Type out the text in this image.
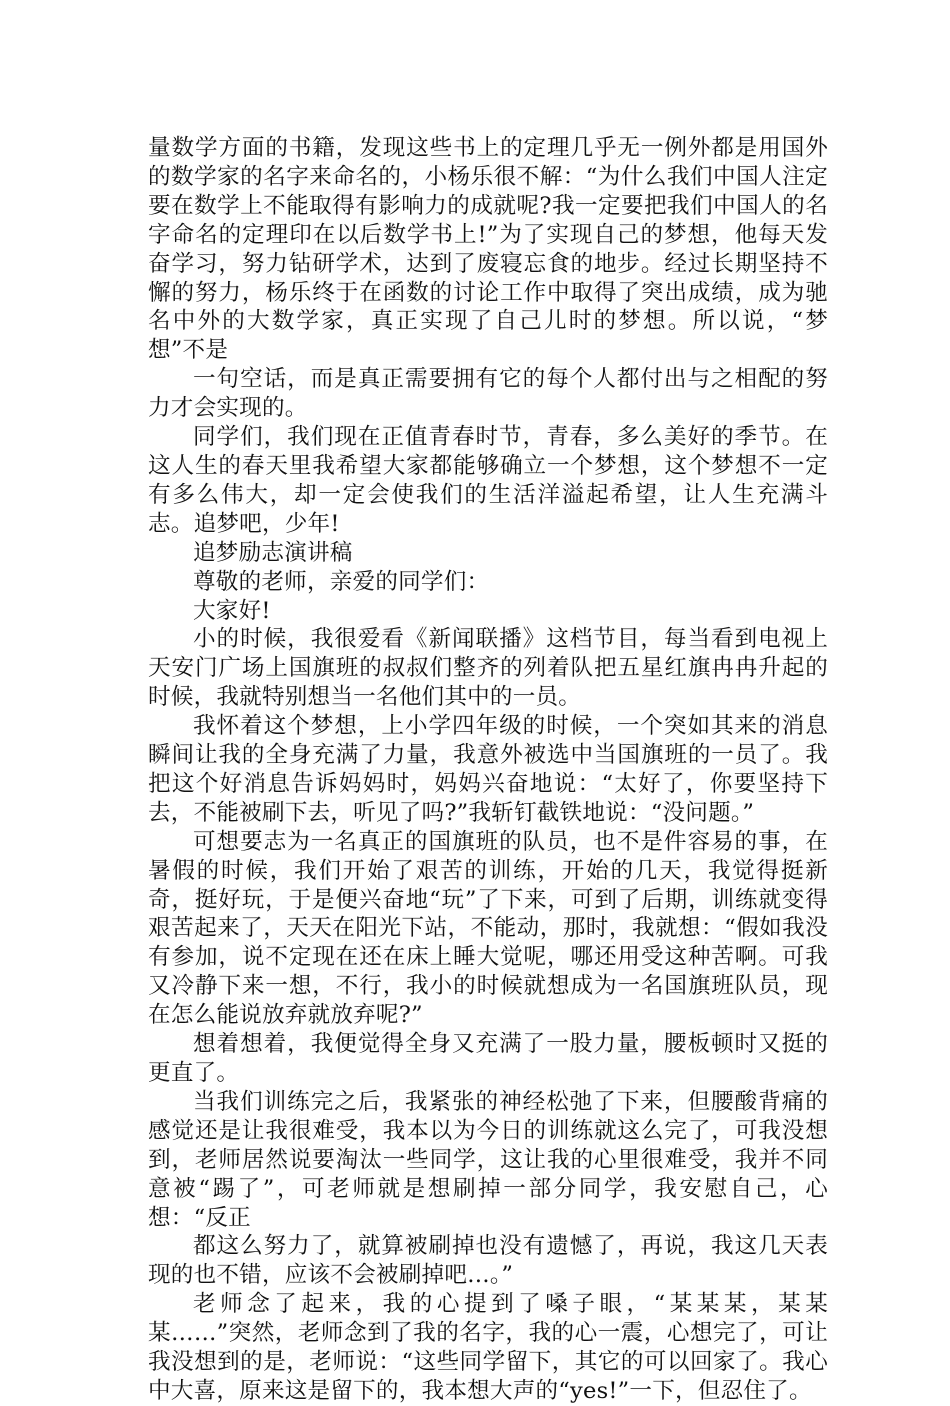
量数学方面的书籍，发现这些书上的定理几乎无一例外都是用国外的数学家的名字来命名的，小杨乐很不解：“为什么我们中国人注定要在数学上不能取得有影响力的成就呢?我一定要把我们中国人的名字命名的定理印在以后数学书上!”为了实现自己的梦想，他每天发奋学习，努力钻研学术，达到了废寝忘食的地步。经过长期坚持不懈的努力，杨乐终于在函数的讨论工作中取得了突出成绩，成为驰名中外的大数学家，真正实现了自己儿时的梦想。所以说，“梦想”不是

一句空话，而是真正需要拥有它的每个人都付出与之相配的努力才会实现的。

同学们，我们现在正值青春时节，青春，多么美好的季节。在这人生的春天里我希望大家都能够确立一个梦想，这个梦想不一定有多么伟大，却一定会使我们的生活洋溢起希望，让人生充满斗志。追梦吧，少年!

追梦励志演讲稿

尊敬的老师，亲爱的同学们：

大家好!

小的时候，我很爱看《新闻联播》这档节目，每当看到电视上天安门广场上国旗班的叔叔们整齐的列着队把五星红旗冉冉升起的时候，我就特别想当一名他们其中的一员。

我怀着这个梦想，上小学四年级的时候，一个突如其来的消息瞬间让我的全身充满了力量，我意外被选中当国旗班的一员了。我把这个好消息告诉妈妈时，妈妈兴奋地说：“太好了，你要坚持下去，不能被刷下去，听见了吗?”我斩钉截铁地说：“没问题。”

可想要志为一名真正的国旗班的队员，也不是件容易的事，在暑假的时候，我们开始了艰苦的训练，开始的几天，我觉得挺新奇，挺好玩，于是便兴奋地“玩”了下来，可到了后期，训练就变得艰苦起来了，天天在阳光下站，不能动，那时，我就想：“假如我没有参加，说不定现在还在床上睡大觉呢，哪还用受这种苦啊。可我又冷静下来一想，不行，我小的时候就想成为一名国旗班队员，现在怎么能说放弃就放弃呢?”

想着想着，我便觉得全身又充满了一股力量，腰板顿时又挺的更直了。

当我们训练完之后，我紧张的神经松弛了下来，但腰酸背痛的感觉还是让我很难受，我本以为今日的训练就这么完了，可我没想到，老师居然说要淘汰一些同学，这让我的心里很难受，我并不同意被“踢了”，可老师就是想刷掉一部分同学，我安慰自己，心想：“反正

都这么努力了，就算被刷掉也没有遗憾了，再说，我这几天表现的也不错，应该不会被刷掉吧…。”

老师念了起来，我的心提到了嗓子眼，“某某某，某某某……”突然，老师念到了我的名字，我的心一震，心想完了，可让我没想到的是，老师说：“这些同学留下，其它的可以回家了。我心中大喜，原来这是留下的，我本想大声的“yes!”一下，但忍住了。
